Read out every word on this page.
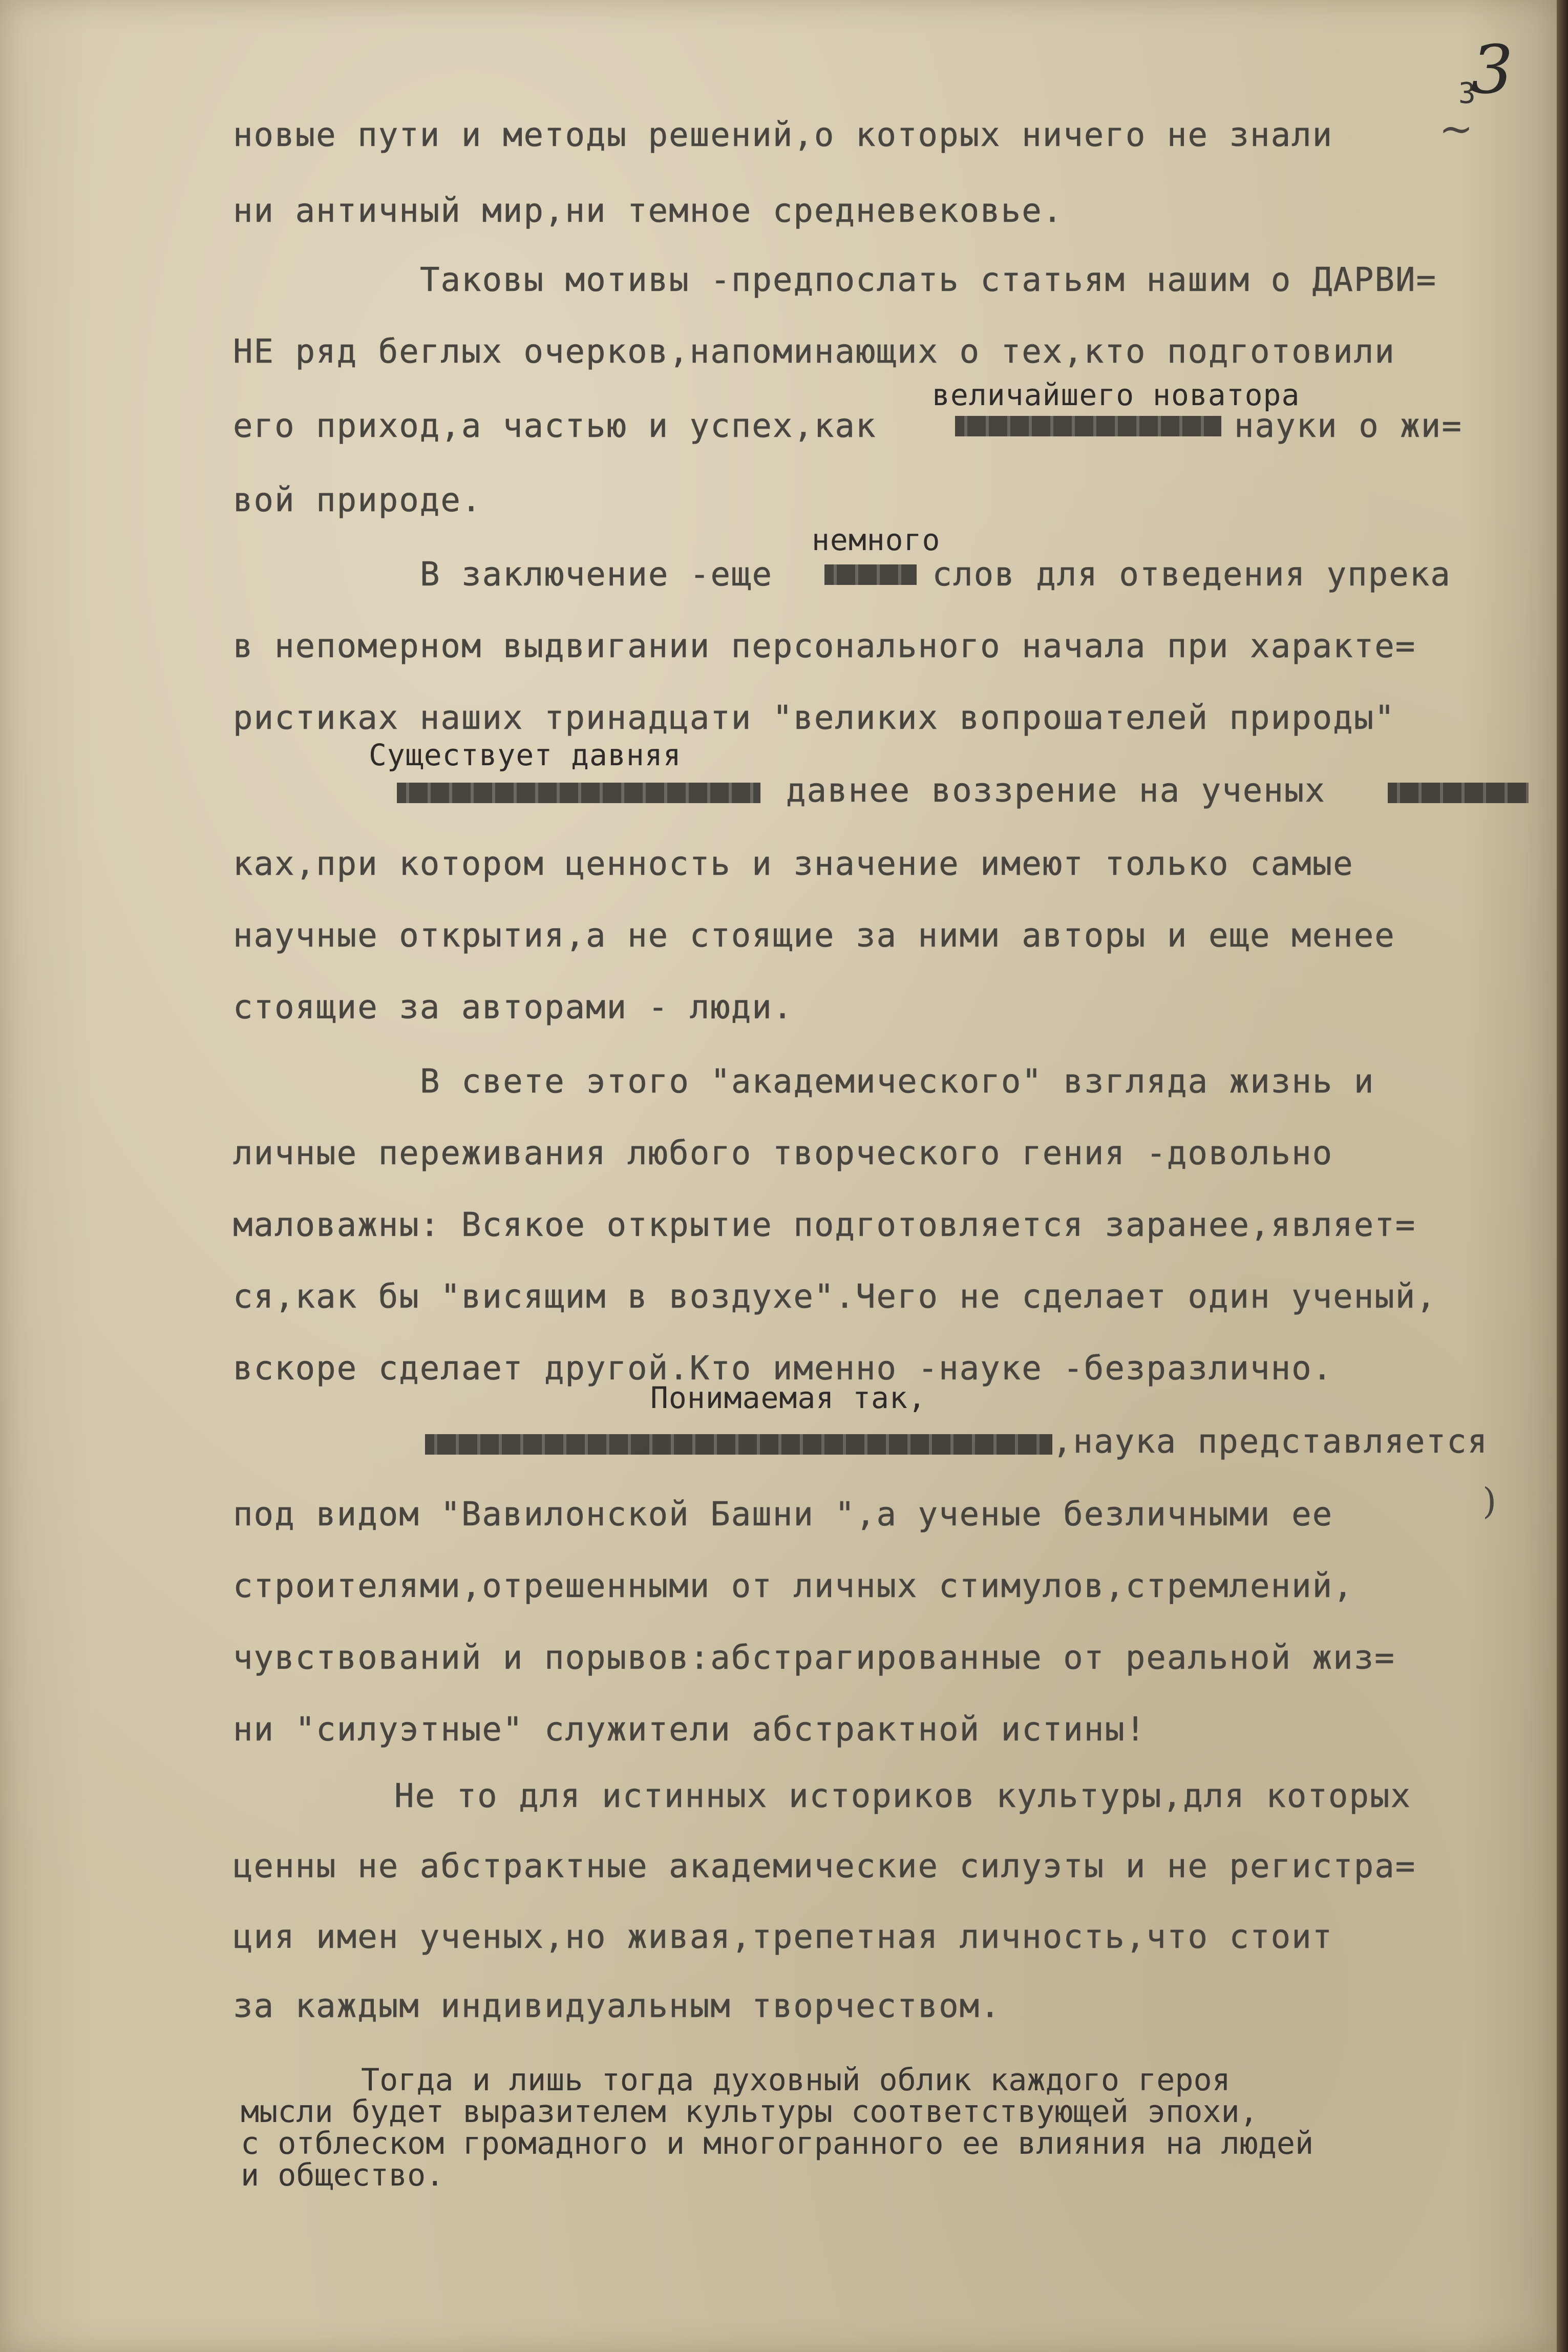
3
3
~
)
новые пути и методы решений,о которых ничего не знали
ни античный мир,ни темное средневековье.
Таковы мотивы -предпослать статьям нашим о ДАРВИ=
НЕ ряд беглых очерков,напоминающих о тех,кто подготовили
величайшего новатора
его приход,а частью и успех,как	науки о жи=
вой природе.
немного
В заключение -еще	слов для отведения упрека
в непомерном выдвигании персонального начала при характе=
ристиках наших тринадцати "великих вопрошателей природы"
Существует давняя
давнее воззрение на ученых
ках,при котором ценность и значение имеют только самые
научные открытия,а не стоящие за ними авторы и еще менее
стоящие за авторами - люди.
В свете этого "академического" взгляда жизнь и
личные переживания любого творческого гения -довольно
маловажны: Всякое открытие подготовляется заранее,являет=
ся,как бы "висящим в воздухе".Чего не сделает один ученый,
вскоре сделает другой.Кто именно -науке -безразлично.
Понимаемая так,
,наука представляется
под видом "Вавилонской Башни ",а ученые безличными ее
строителями,отрешенными от личных стимулов,стремлений,
чувствований и порывов:абстрагированные от реальной жиз=
ни "силуэтные" служители абстрактной истины!
Не то для истинных историков культуры,для которых
ценны не абстрактные академические силуэты и не регистра=
ция имен ученых,но живая,трепетная личность,что стоит
за каждым индивидуальным творчеством.
Тогда и лишь тогда духовный облик каждого героя
мысли будет выразителем культуры соответствующей эпохи,
с отблеском громадного и многогранного ее влияния на людей
и общество.
